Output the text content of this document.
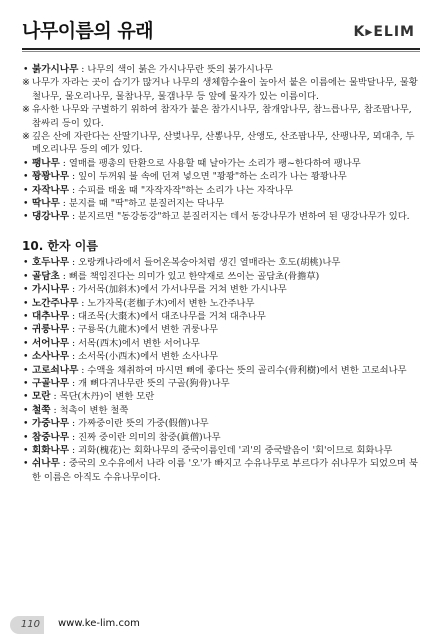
나무이름의 유래	K▸ELIM

• 붉가시나무 : 나무의 색이 붉은 가시나무란 뜻의 붉가시나무

※ 나무가 자라는 곳이 습기가 많거나 나무의 생체함수율이 높아서 붙은 이름에는 물박달나무, 물황철나무, 물오리나무, 물참나무, 물갬나무 등 앞에 물자가 있는 이름이다.

※ 유사한 나무와 구별하기 위하여 참자가 붙은 참가시나무, 참개암나무, 참느릅나무, 참조팝나무, 참싸리 등이 있다.

※ 깊은 산에 자란다는 산딸기나무, 산벚나무, 산뽕나무, 산앵도, 산조팝나무, 산팽나무, 뫼대추, 두메오리나무 등의 예가 있다.

• 팽나무 : 열매를 팽총의 탄환으로 사용할 때 날아가는 소리가 팽~한다하여 팽나무

• 꽝꽝나무 : 잎이 두꺼워 불 속에 던져 넣으면 "꽝꽝"하는 소리가 나는 꽝꽝나무

• 자작나무 : 수피를 태울 때 "자작자작"하는 소리가 나는 자작나무

• 딱나무 : 분지를 때 "딱"하고 분질러지는 닥나무

• 댕강나무 : 분지르면 "동강동강"하고 분질러지는 데서 동강나무가 변하여 된 댕강나무가 있다.

10. 한자 이름

• 호두나무 : 오랑캐나라에서 들어온복숭아처럼 생긴 열매라는 호도(胡桃)나무

• 골담초 : 뼈를 책임진다는 의미가 있고 한약재로 쓰이는 골담초(骨擔草)

• 가시나무 : 가서목(加斜木)에서 가서나무를 거쳐 변한 가시나무

• 노간주나무 : 노가자목(老枷子木)에서 변한 노간주나무

• 대추나무 : 대조목(大棗木)에서 대조나무를 거쳐 대추나무

• 귀룽나무 : 구룡목(九龍木)에서 변한 귀룽나무

• 서어나무 : 서목(西木)에서 변한 서어나무

• 소사나무 : 소서목(小西木)에서 변한 소사나무

• 고로쇠나무 : 수액을 채취하여 마시면 뼈에 좋다는 뜻의 골리수(骨利樹)에서 변한 고로쇠나무

• 구골나무 : 개 뼈다귀나무란 뜻의 구골(狗骨)나무

• 모란 : 목단(木丹)이 변한 모란

• 철쭉 : 척촉이 변한 철쭉

• 가중나무 : 가짜중이란 뜻의 가중(假僧)나무

• 참중나무 : 진짜 중이란 의미의 참중(眞僧)나무

• 회화나무 : 괴화(槐花)는 회화나무의 중국이름인데 '괴'의 중국발음이 '회'이므로 회화나무

• 쉬나무 : 중국의 오수유에서 나라 이름 '오'가 빠지고 수유나무로 부르다가 쉬나무가 되었으며 북한 이름은 아직도 수유나무이다.

110	www.ke-lim.com
